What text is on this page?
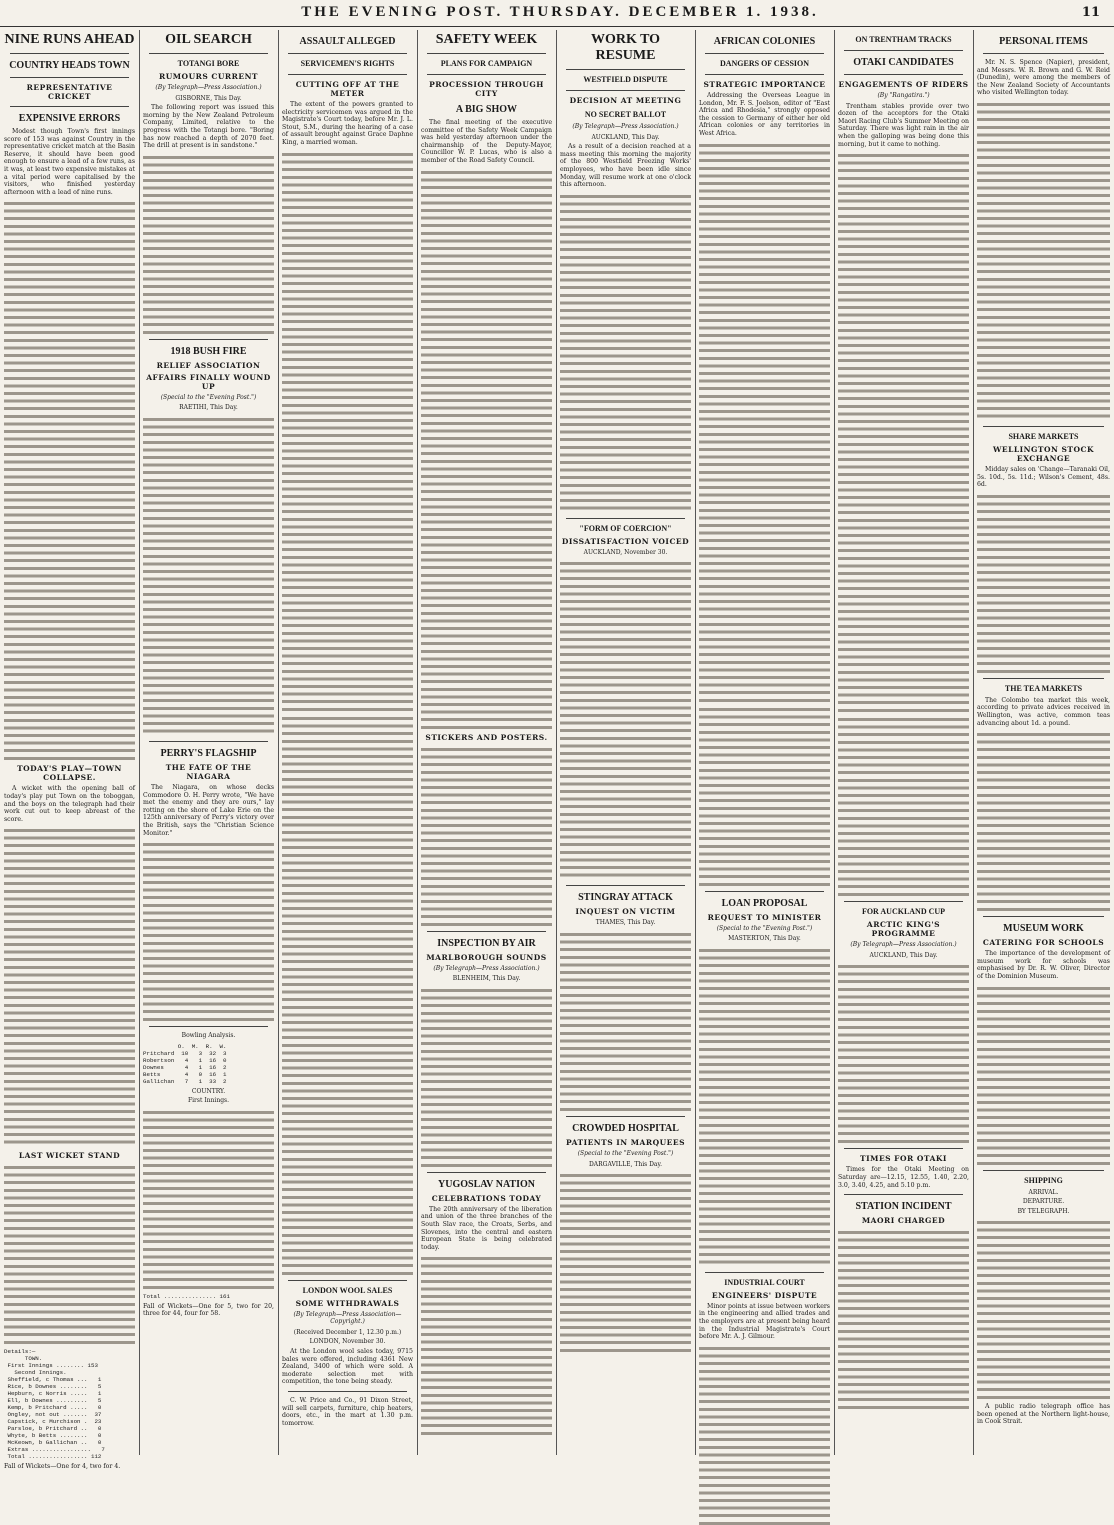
THE EVENING POST. THURSDAY. DECEMBER 1. 1938.	11
NINE RUNS AHEAD
COUNTRY HEADS TOWN
REPRESENTATIVE CRICKET
EXPENSIVE ERRORS

Modest though Town's first innings score of 153 was against Country in the representative cricket match at the Basin Reserve, it should have been good enough to ensure a lead of a few runs, as it was, at least two expensive mistakes at a vital period were capitalised by the visitors, who finished yesterday afternoon with a lead of nine runs.

TODAY'S PLAY—TOWN COLLAPSE.

A wicket with the opening ball of today's play put Town on the toboggan, and the boys on the telegraph had their work cut out to keep abreast of the score.

LAST WICKET STAND
Details:—
TOWN.
First Innings ........ 153
Second Innings.
Sheffield, c Thomas ...   1
Rice, b Downes ........   5
Hepburn, c Norris .....   1
Ell, b Downes .........   5
Kemp, b Pritchard .....   0
Ongley, not out .......  37
Capstick, c Murchison .  23
Parsloe, b Pritchard ..   0
Whyte, b Betts ........   0
McKeown, b Gallichan ..   0
Extras .................   7
Total ................. 112
Fall of Wickets—One for 4, two for 4.
OIL SEARCH
TOTANGI BORE
RUMOURS CURRENT
(By Telegraph—Press Association.)
GISBORNE, This Day.

The following report was issued this morning by the New Zealand Petroleum Company, Limited, relative to the progress with the Totangi bore. "Boring has now reached a depth of 2070 feet. The drill at present is in sandstone."

1918 BUSH FIRE
RELIEF ASSOCIATION
AFFAIRS FINALLY WOUND UP
(Special to the "Evening Post.")
RAETIHI, This Day.
PERRY'S FLAGSHIP
THE FATE OF THE NIAGARA

The Niagara, on whose decks Commodore O. H. Perry wrote, "We have met the enemy and they are ours," lay rotting on the shore of Lake Erie on the 125th anniversary of Perry's victory over the British, says the "Christian Science Monitor."

Bowling Analysis.
O.  M.  R.  W.
Pritchard  10   3  32  3
Robertson   4   1  16  0
Downes      4   1  16  2
Betts       4   0  16  1
Gallichan   7   1  33  2
COUNTRY.
First Innings.
Total ............... 161
Fall of Wickets—One for 5, two for 20, three for 44, four for 58.
ASSAULT ALLEGED
SERVICEMEN'S RIGHTS
CUTTING OFF AT THE METER

The extent of the powers granted to electricity servicemen was argued in the Magistrate's Court today, before Mr. J. L. Stout, S.M., during the hearing of a case of assault brought against Grace Daphne King, a married woman.

LONDON WOOL SALES
SOME WITHDRAWALS
(By Telegraph—Press Association—Copyright.)
(Received December 1, 12.30 p.m.)
LONDON, November 30.

At the London wool sales today, 9715 bales were offered, including 4361 New Zealand, 3400 of which were sold. A moderate selection met with competition, the tone being steady.

C. W. Price and Co., 91 Dixon Street, will sell carpets, furniture, chip heaters, doors, etc., in the mart at 1.30 p.m. tomorrow.

SAFETY WEEK
PLANS FOR CAMPAIGN
PROCESSION THROUGH CITY
A BIG SHOW

The final meeting of the executive committee of the Safety Week Campaign was held yesterday afternoon under the chairmanship of the Deputy-Mayor, Councillor W. P. Lucas, who is also a member of the Road Safety Council.

STICKERS AND POSTERS.
INSPECTION BY AIR
MARLBOROUGH SOUNDS
(By Telegraph—Press Association.)
BLENHEIM, This Day.
YUGOSLAV NATION
CELEBRATIONS TODAY

The 20th anniversary of the liberation and union of the three branches of the South Slav race, the Croats, Serbs, and Slovenes, into the central and eastern European State is being celebrated today.

WORK TO RESUME
WESTFIELD DISPUTE
DECISION AT MEETING
NO SECRET BALLOT
(By Telegraph—Press Association.)
AUCKLAND, This Day.

As a result of a decision reached at a mass meeting this morning the majority of the 800 Westfield Freezing Works' employees, who have been idle since Monday, will resume work at one o'clock this afternoon.

"FORM OF COERCION"
DISSATISFACTION VOICED
AUCKLAND, November 30.
STINGRAY ATTACK
INQUEST ON VICTIM
THAMES, This Day.
CROWDED HOSPITAL
PATIENTS IN MARQUEES
(Special to the "Evening Post.")
DARGAVILLE, This Day.
AFRICAN COLONIES
DANGERS OF CESSION
STRATEGIC IMPORTANCE

Addressing the Overseas League in London, Mr. F. S. Joelson, editor of "East Africa and Rhodesia," strongly opposed the cession to Germany of either her old African colonies or any territories in West Africa.

LOAN PROPOSAL
REQUEST TO MINISTER
(Special to the "Evening Post.")
MASTERTON, This Day.
INDUSTRIAL COURT
ENGINEERS' DISPUTE

Minor points at issue between workers in the engineering and allied trades and the employers are at present being heard in the Industrial Magistrate's Court before Mr. A. J. Gilmour.

ON TRENTHAM TRACKS
OTAKI CANDIDATES
ENGAGEMENTS OF RIDERS
(By "Rangatira.")

Trentham stables provide over two dozen of the acceptors for the Otaki Maori Racing Club's Summer Meeting on Saturday. There was light rain in the air when the galloping was being done this morning, but it came to nothing.

FOR AUCKLAND CUP
ARCTIC KING'S PROGRAMME
(By Telegraph—Press Association.)
AUCKLAND, This Day.
TIMES FOR OTAKI

Times for the Otaki Meeting on Saturday are—12.15, 12.55, 1.40, 2.20, 3.0, 3.40, 4.25, and 5.10 p.m.

STATION INCIDENT
MAORI CHARGED
PERSONAL ITEMS

Mr. N. S. Spence (Napier), president, and Messrs. W. R. Brown and G. W. Reid (Dunedin), were among the members of the New Zealand Society of Accountants who visited Wellington today.

SHARE MARKETS
WELLINGTON STOCK EXCHANGE

Midday sales on 'Change—Taranaki Oil, 5s. 10d., 5s. 11d.; Wilson's Cement, 48s. 6d.

THE TEA MARKETS

The Colombo tea market this week, according to private advices received in Wellington, was active, common teas advancing about 1d. a pound.

MUSEUM WORK
CATERING FOR SCHOOLS

The importance of the development of museum work for schools was emphasised by Dr. R. W. Oliver, Director of the Dominion Museum.

SHIPPING
ARRIVAL.
DEPARTURE.
BY TELEGRAPH.

A public radio telegraph office has been opened at the Northern light-house, in Cook Strait.
